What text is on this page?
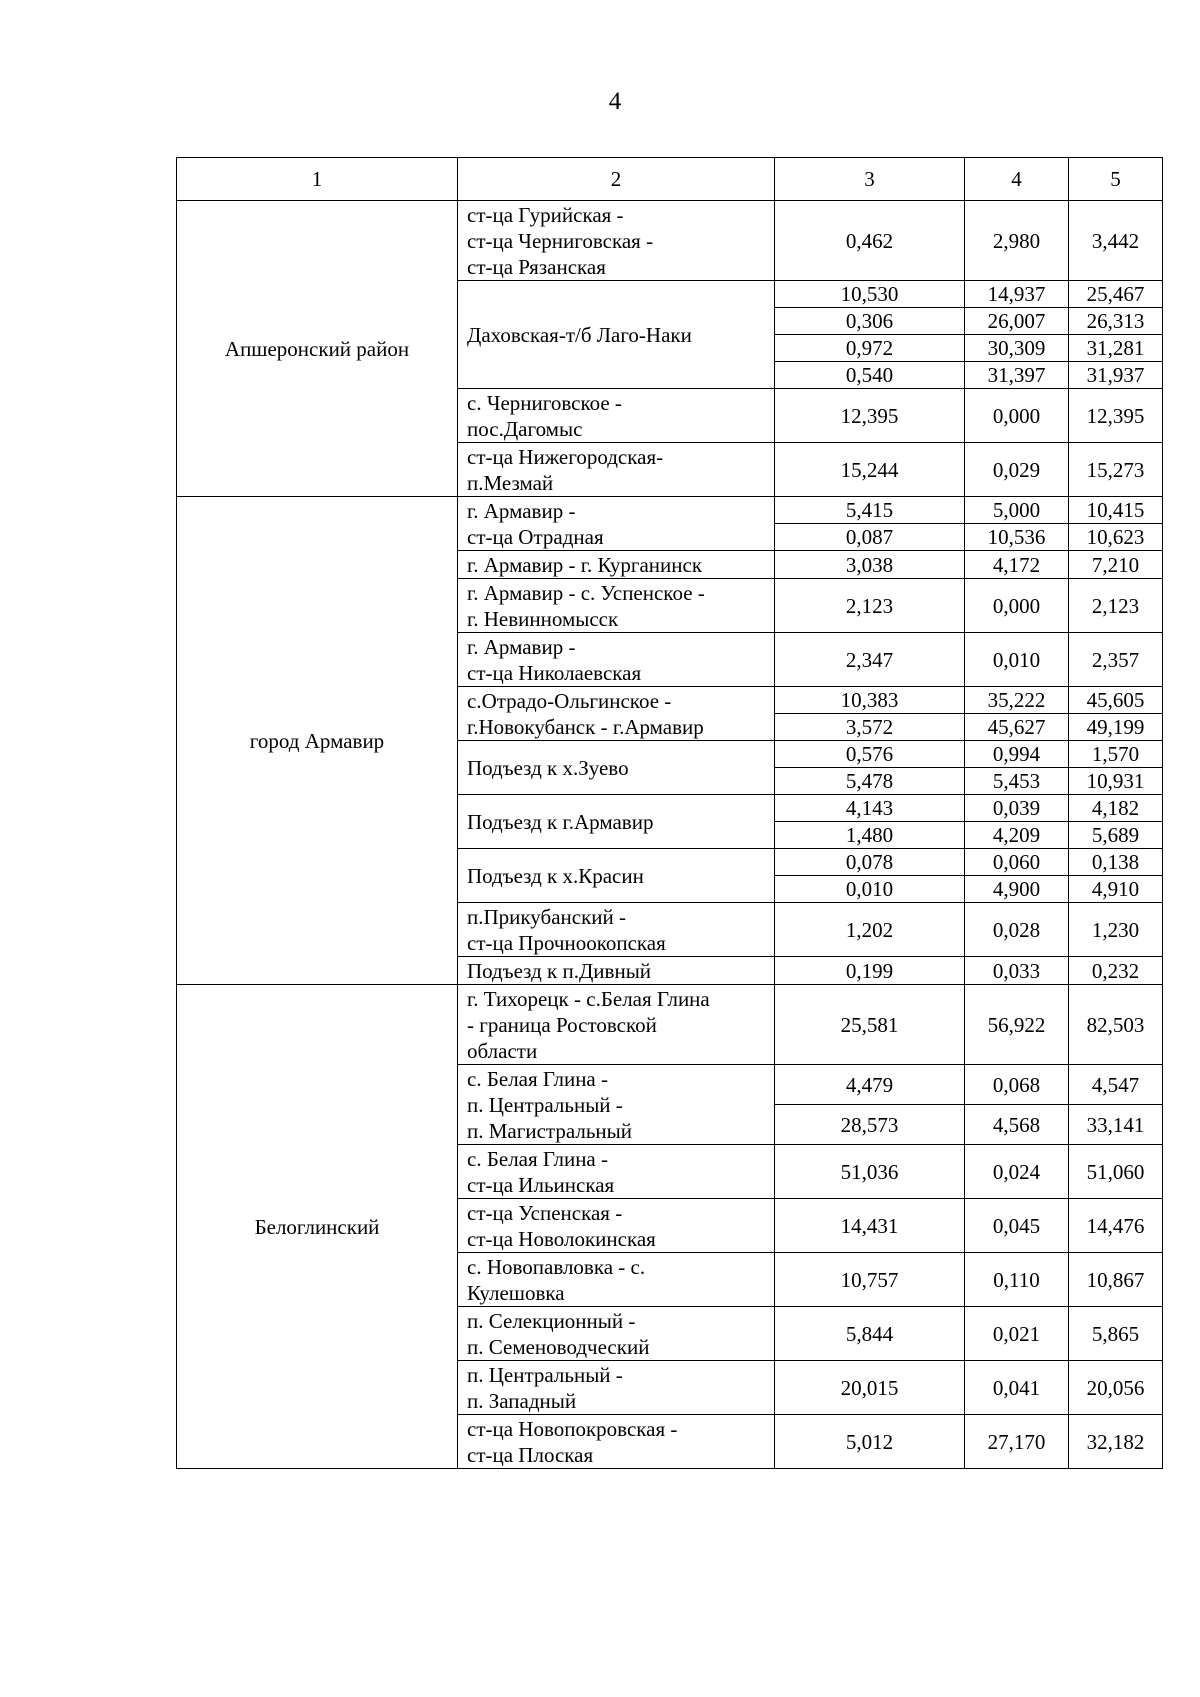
4
1	2	3	4	5
Апшеронский район	ст-ца Гурийская -
ст-ца Черниговская -
ст-ца Рязанская	0,462	2,980	3,442

	Даховская-т/б Лаго-Наки	10,530	14,937	25,467
		0,306	26,007	26,313
		0,972	30,309	31,281
		0,540	31,397	31,937

	с. Черниговское -
пос.Дагомыс	12,395	0,000	12,395

	ст-ца Нижегородская-
п.Мезмай	15,244	0,029	15,273
город Армавир	г. Армавир -
ст-ца Отрадная	5,415	5,000	10,415
		0,087	10,536	10,623

	г. Армавир - г. Курганинск	3,038	4,172	7,210

	г. Армавир - с. Успенское -
г. Невинномысск	2,123	0,000	2,123

	г. Армавир -
ст-ца Николаевская	2,347	0,010	2,357

	с.Отрадо-Ольгинское -
г.Новокубанск - г.Армавир	10,383	35,222	45,605
		3,572	45,627	49,199

	Подъезд к х.Зуево	0,576	0,994	1,570
		5,478	5,453	10,931

	Подъезд к г.Армавир	4,143	0,039	4,182
		1,480	4,209	5,689

	Подъезд к х.Красин	0,078	0,060	0,138
		0,010	4,900	4,910

	п.Прикубанский -
ст-ца Прочноокопская	1,202	0,028	1,230

	Подъезд к п.Дивный	0,199	0,033	0,232
Белоглинский	г. Тихорецк - с.Белая Глина
- граница Ростовской
области	25,581	56,922	82,503

	с. Белая Глина -
п. Центральный -
п. Магистральный	4,479	0,068	4,547
		28,573	4,568	33,141

	с. Белая Глина -
ст-ца Ильинская	51,036	0,024	51,060

	ст-ца Успенская -
ст-ца Новолокинская	14,431	0,045	14,476

	с. Новопавловка - с.
Кулешовка	10,757	0,110	10,867

	п. Селекционный -
п. Семеноводческий	5,844	0,021	5,865

	п. Центральный -
п. Западный	20,015	0,041	20,056

	ст-ца Новопокровская -
ст-ца Плоская	5,012	27,170	32,182
